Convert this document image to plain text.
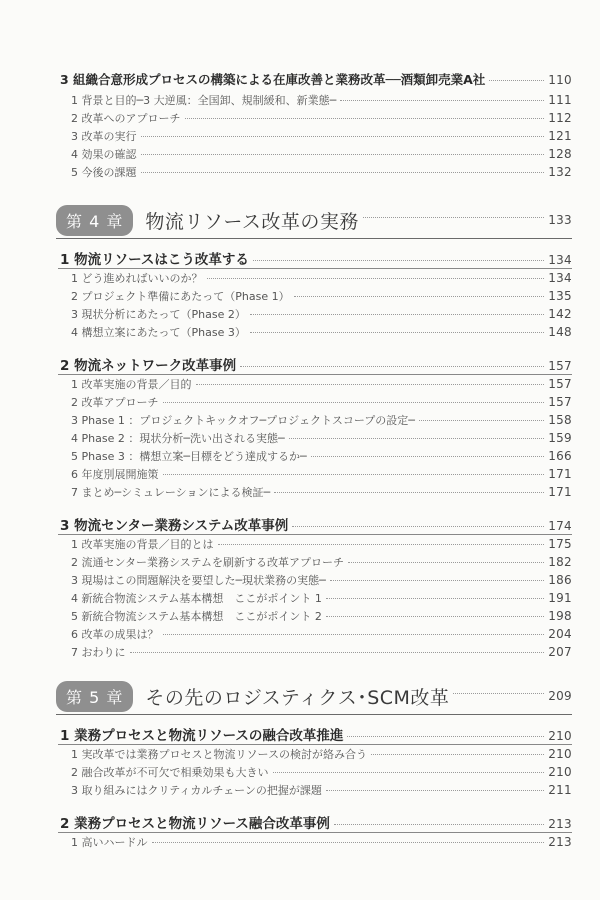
3 組織合意形成プロセスの構築による在庫改善と業務改革──酒類卸売業A社	110
1 背景と目的─3 大逆風：全国卸、規制緩和、新業態─	111
2 改革へのアプローチ	112
3 改革の実行	121
4 効果の確認	128
5 今後の課題	132
第 4 章	物流リソース改革の実務	133
1 物流リソースはこう改革する	134
1 どう進めればいいのか？	134
2 プロジェクト準備にあたって（Phase 1）	135
3 現状分析にあたって（Phase 2）	142
4 構想立案にあたって（Phase 3）	148
2 物流ネットワーク改革事例	157
1 改革実施の背景／目的	157
2 改革アプローチ	157
3 Phase 1 ：プロジェクトキックオフ─プロジェクトスコープの設定─	158
4 Phase 2 ：現状分析─洗い出される実態─	159
5 Phase 3 ：構想立案─目標をどう達成するか─	166
6 年度別展開施策	171
7 まとめ─シミュレーションによる検証─	171
3 物流センター業務システム改革事例	174
1 改革実施の背景／目的とは	175
2 流通センター業務システムを刷新する改革アプローチ	182
3 現場はこの問題解決を要望した─現状業務の実態─	186
4 新統合物流システム基本構想　ここがポイント 1	191
5 新統合物流システム基本構想　ここがポイント 2	198
6 改革の成果は？	204
7 おわりに	207
第 5 章	その先のロジスティクス･SCM改革	209
1 業務プロセスと物流リソースの融合改革推進	210
1 実改革では業務プロセスと物流リソースの検討が絡み合う	210
2 融合改革が不可欠で相乗効果も大きい	210
3 取り組みにはクリティカルチェーンの把握が課題	211
2 業務プロセスと物流リソース融合改革事例	213
1 高いハードル	213
